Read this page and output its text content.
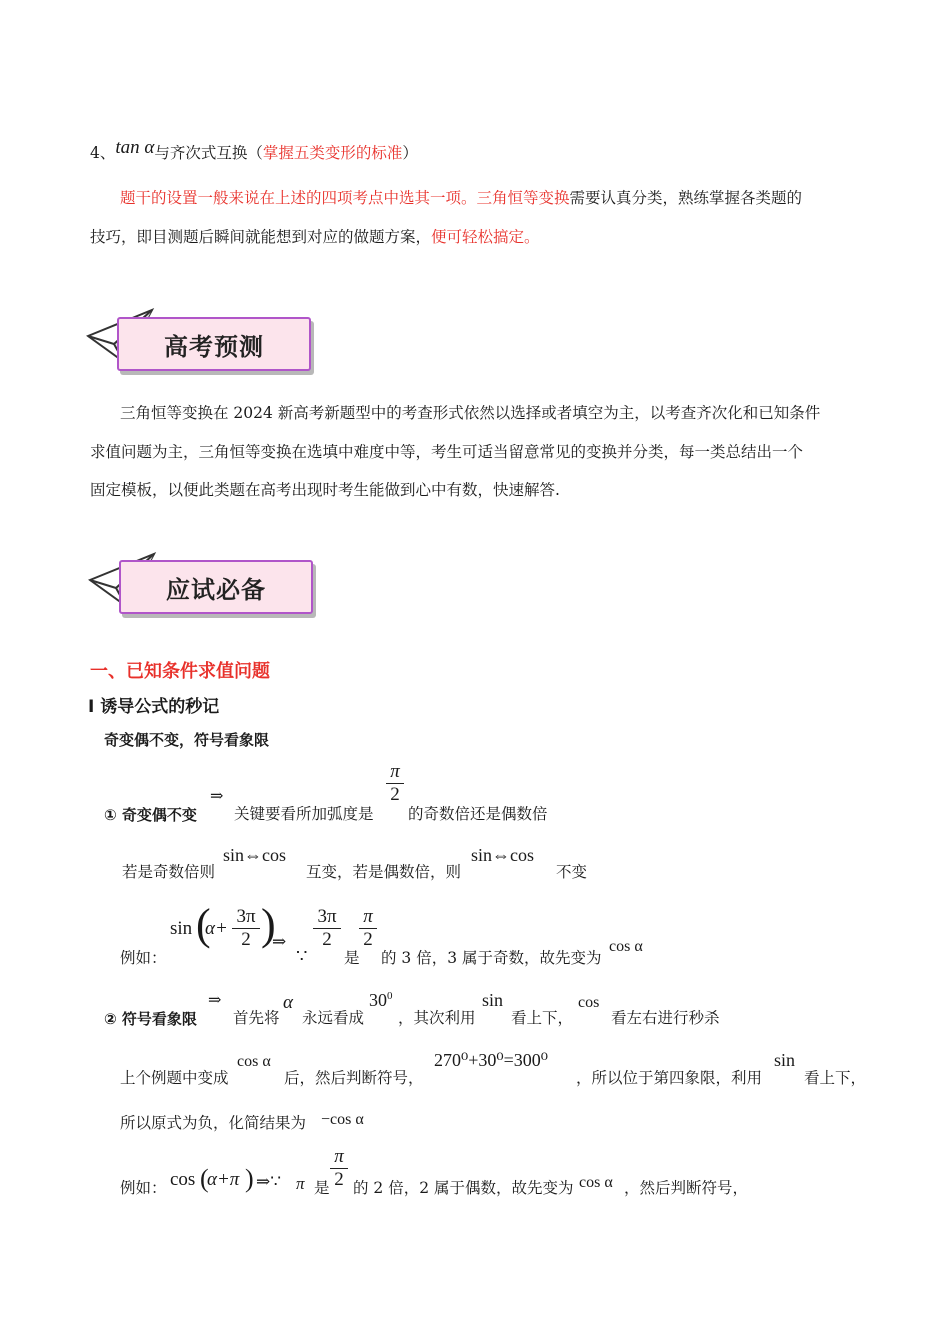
4、tan α与齐次式互换（掌握五类变形的标准）
题干的设置一般来说在上述的四项考点中选其一项。三角恒等变换需要认真分类，熟练掌握各类题的
技巧，即目测题后瞬间就能想到对应的做题方案，便可轻松搞定。
高考预测
三角恒等变换在 2024 新高考新题型中的考查形式依然以选择或者填空为主，以考查齐次化和已知条件
求值问题为主，三角恒等变换在选填中难度中等，考生可适当留意常见的变换并分类，每一类总结出一个
固定模板，以便此类题在高考出现时考生能做到心中有数，快速解答.
应试必备
一、已知条件求值问题
I 诱导公式的秒记
奇变偶不变，符号看象限
① 奇变偶不变
⇒
关键要看所加弧度是
$\frac{\pi}{2}$
的奇数倍还是偶数倍
若是奇数倍则
sin⇔cos
互变，若是偶数倍，则
sin⇔cos
不变
例如：
sin (
α+
3π
2 )
⇒
∵
3π
2
是
$\frac{\pi}{2}$
的 3 倍，3 属于奇数，故先变为
cos α
② 符号看象限
⇒
首先将
α
永远看成
$30^0$
，其次利用
sin
看上下，
cos
看左右进行秒杀
上个例题中变成
cos α
后，然后判断符号，
270⁰+30⁰=300⁰
，所以位于第四象限，利用
sin
看上下，
所以原式为负，化简结果为 −cos α
例如： cos (
α+π ) ⇒∵ π 是 $\frac{\pi}{2}$ 的 2 倍，2 属于偶数，故先变为 cos α ，然后判断符号，
